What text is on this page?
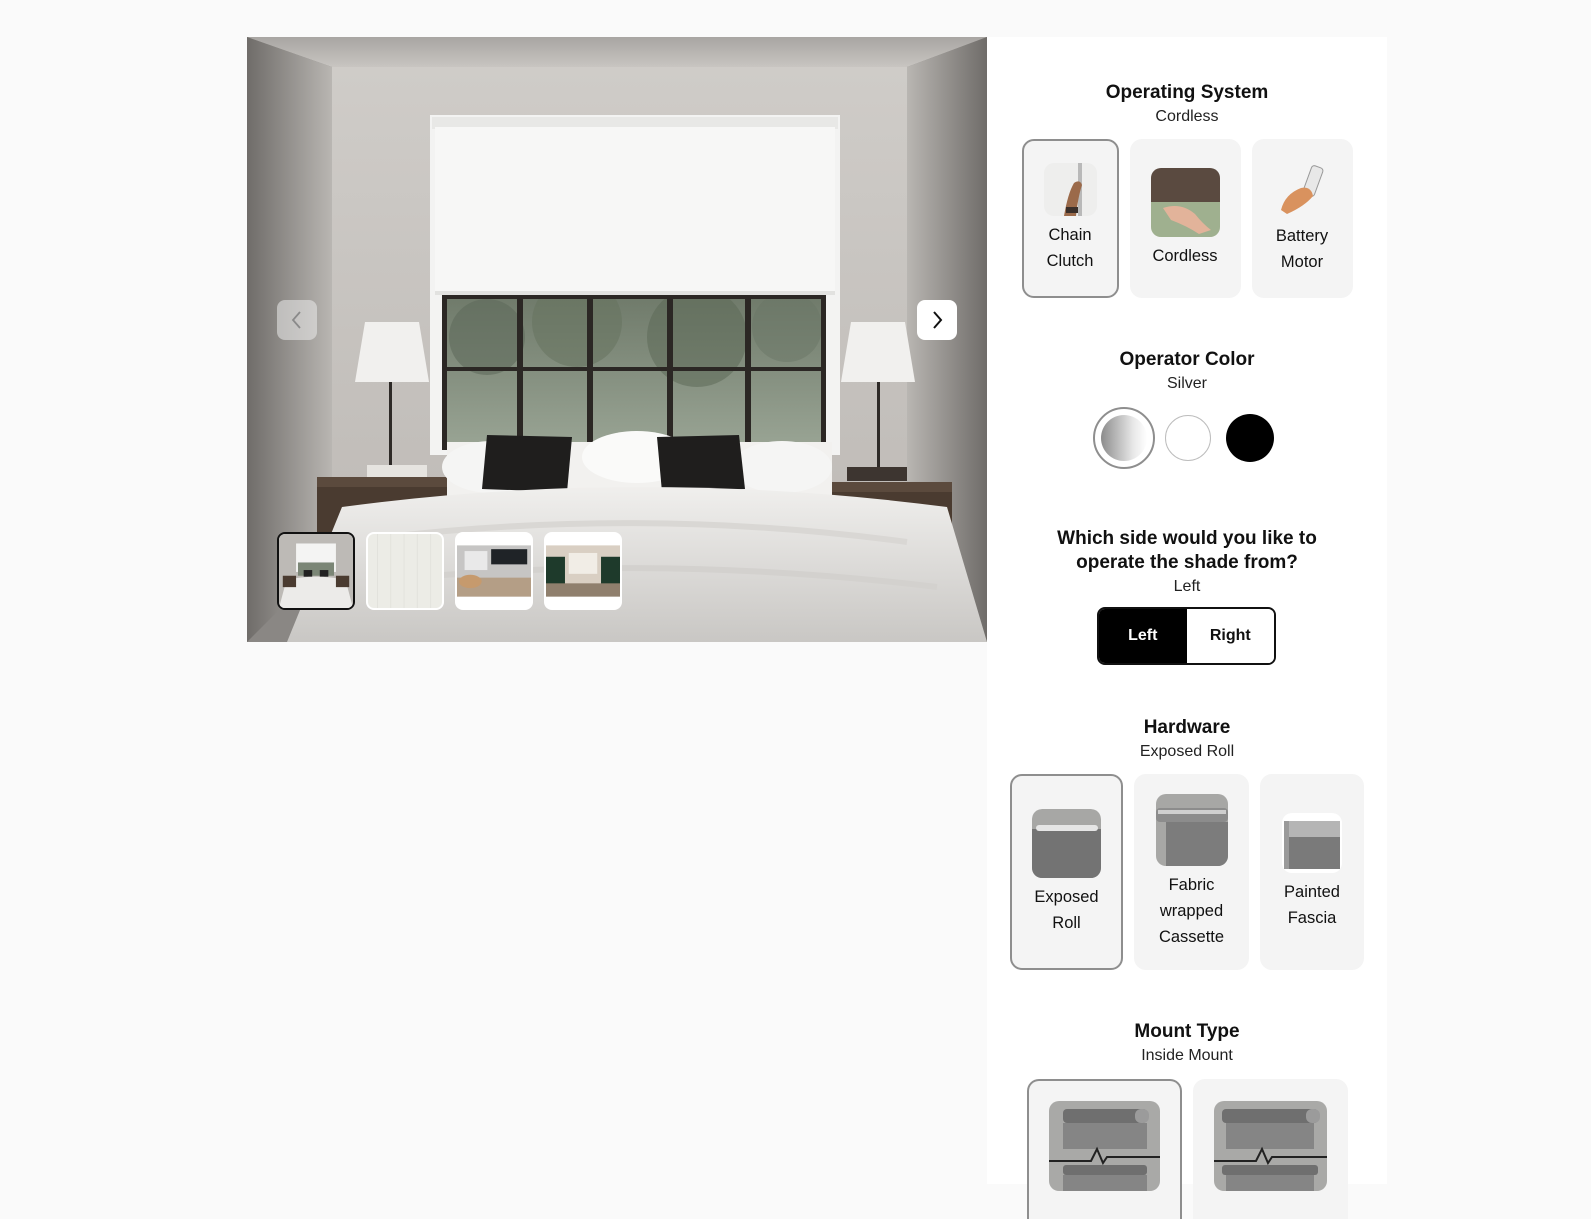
Operating System
Cordless
Chain
Clutch	Cordless
Battery
Motor
Operator Color
Silver
Which side would you like to
operate the shade from?
Left
Left	Right
Hardware
Exposed Roll
Exposed
Roll
Fabric
wrapped
Cassette
Painted
Fascia
Mount Type
Inside Mount
